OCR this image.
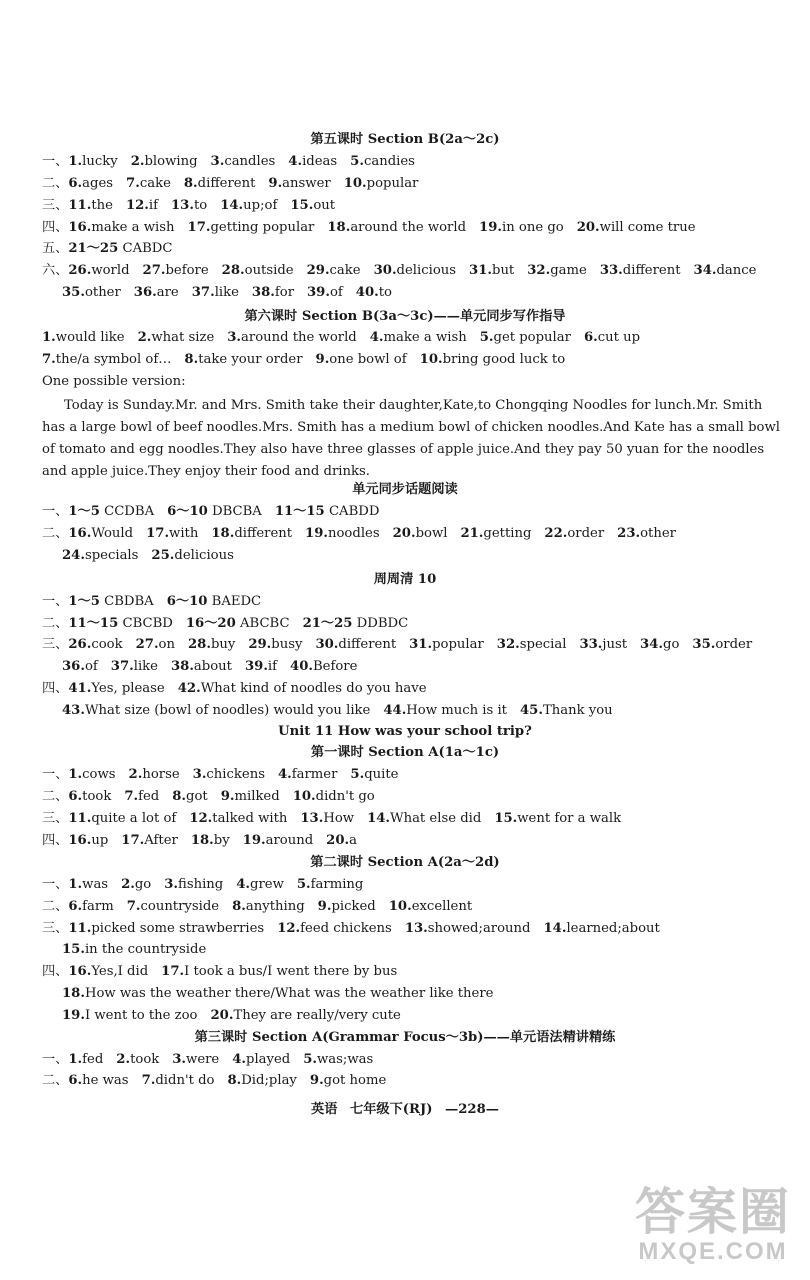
第五课时 Section B(2a～2c)
一、1.lucky 2.blowing 3.candles 4.ideas 5.candies
二、6.ages 7.cake 8.different 9.answer 10.popular
三、11.the 12.if 13.to 14.up;of 15.out
四、16.make a wish 17.getting popular 18.around the world 19.in one go 20.will come true
五、21～25 CABDC
六、26.world 27.before 28.outside 29.cake 30.delicious 31.but 32.game 33.different 34.dance
35.other 36.are 37.like 38.for 39.of 40.to
第六课时 Section B(3a～3c)——单元同步写作指导
1.would like 2.what size 3.around the world 4.make a wish 5.get popular 6.cut up
7.the/a symbol of… 8.take your order 9.one bowl of 10.bring good luck to
One possible version:
Today is Sunday.Mr. and Mrs. Smith take their daughter,Kate,to Chongqing Noodles for lunch.Mr. Smith has a large bowl of beef noodles.Mrs. Smith has a medium bowl of chicken noodles.And Kate has a small bowl of tomato and egg noodles.They also have three glasses of apple juice.And they pay 50 yuan for the noodles and apple juice.They enjoy their food and drinks.
单元同步话题阅读
一、1～5 CCDBA 6～10 DBCBA 11～15 CABDD
二、16.Would 17.with 18.different 19.noodles 20.bowl 21.getting 22.order 23.other
24.specials 25.delicious
周周清 10
一、1～5 CBDBA 6～10 BAEDC
二、11～15 CBCBD 16～20 ABCBC 21～25 DDBDC
三、26.cook 27.on 28.buy 29.busy 30.different 31.popular 32.special 33.just 34.go 35.order
36.of 37.like 38.about 39.if 40.Before
四、41.Yes, please 42.What kind of noodles do you have
43.What size (bowl of noodles) would you like 44.How much is it 45.Thank you
Unit 11 How was your school trip?
第一课时 Section A(1a～1c)
一、1.cows 2.horse 3.chickens 4.farmer 5.quite
二、6.took 7.fed 8.got 9.milked 10.didn't go
三、11.quite a lot of 12.talked with 13.How 14.What else did 15.went for a walk
四、16.up 17.After 18.by 19.around 20.a
第二课时 Section A(2a～2d)
一、1.was 2.go 3.fishing 4.grew 5.farming
二、6.farm 7.countryside 8.anything 9.picked 10.excellent
三、11.picked some strawberries 12.feed chickens 13.showed;around 14.learned;about
15.in the countryside
四、16.Yes,I did 17.I took a bus/I went there by bus
18.How was the weather there/What was the weather like there
19.I went to the zoo 20.They are really/very cute
第三课时 Section A(Grammar Focus～3b)——单元语法精讲精练
一、1.fed 2.took 3.were 4.played 5.was;was
二、6.he was 7.didn't do 8.Did;play 9.got home
英语 七年级下(RJ) —228—
答案圈
MXQE.COM
